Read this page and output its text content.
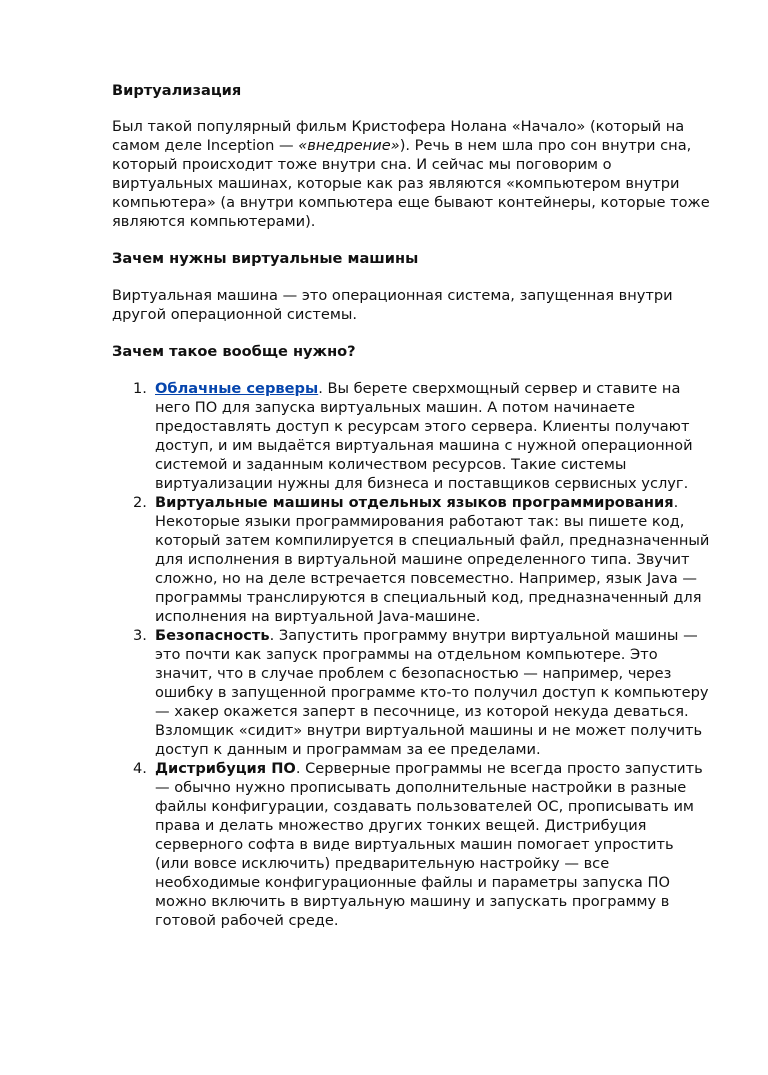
Виртуализация

Был такой популярный фильм Кристофера Нолана «Начало» (который на самом деле Inception — «внедрение»). Речь в нем шла про сон внутри сна, который происходит тоже внутри сна. И сейчас мы поговорим о виртуальных машинах, которые как раз являются «компьютером внутри компьютера» (а внутри компьютера еще бывают контейнеры, которые тоже являются компьютерами).

Зачем нужны виртуальные машины

Виртуальная машина — это операционная система, запущенная внутри другой операционной системы.

Зачем такое вообще нужно?

1. Облачные серверы. Вы берете сверхмощный сервер и ставите на него ПО для запуска виртуальных машин. А потом начинаете предоставлять доступ к ресурсам этого сервера. Клиенты получают доступ, и им выдаётся виртуальная машина с нужной операционной системой и заданным количеством ресурсов. Такие системы виртуализации нужны для бизнеса и поставщиков сервисных услуг.
2. Виртуальные машины отдельных языков программирования. Некоторые языки программирования работают так: вы пишете код, который затем компилируется в специальный файл, предназначенный для исполнения в виртуальной машине определенного типа. Звучит сложно, но на деле встречается повсеместно. Например, язык Java — программы транслируются в специальный код, предназначенный для исполнения на виртуальной Java-машине.
3. Безопасность. Запустить программу внутри виртуальной машины — это почти как запуск программы на отдельном компьютере. Это значит, что в случае проблем с безопасностью — например, через ошибку в запущенной программе кто-то получил доступ к компьютеру — хакер окажется заперт в песочнице, из которой некуда деваться. Взломщик «сидит» внутри виртуальной машины и не может получить доступ к данным и программам за ее пределами.
4. Дистрибуция ПО. Серверные программы не всегда просто запустить — обычно нужно прописывать дополнительные настройки в разные файлы конфигурации, создавать пользователей ОС, прописывать им права и делать множество других тонких вещей. Дистрибуция серверного софта в виде виртуальных машин помогает упростить (или вовсе исключить) предварительную настройку — все необходимые конфигурационные файлы и параметры запуска ПО можно включить в виртуальную машину и запускать программу в готовой рабочей среде.
